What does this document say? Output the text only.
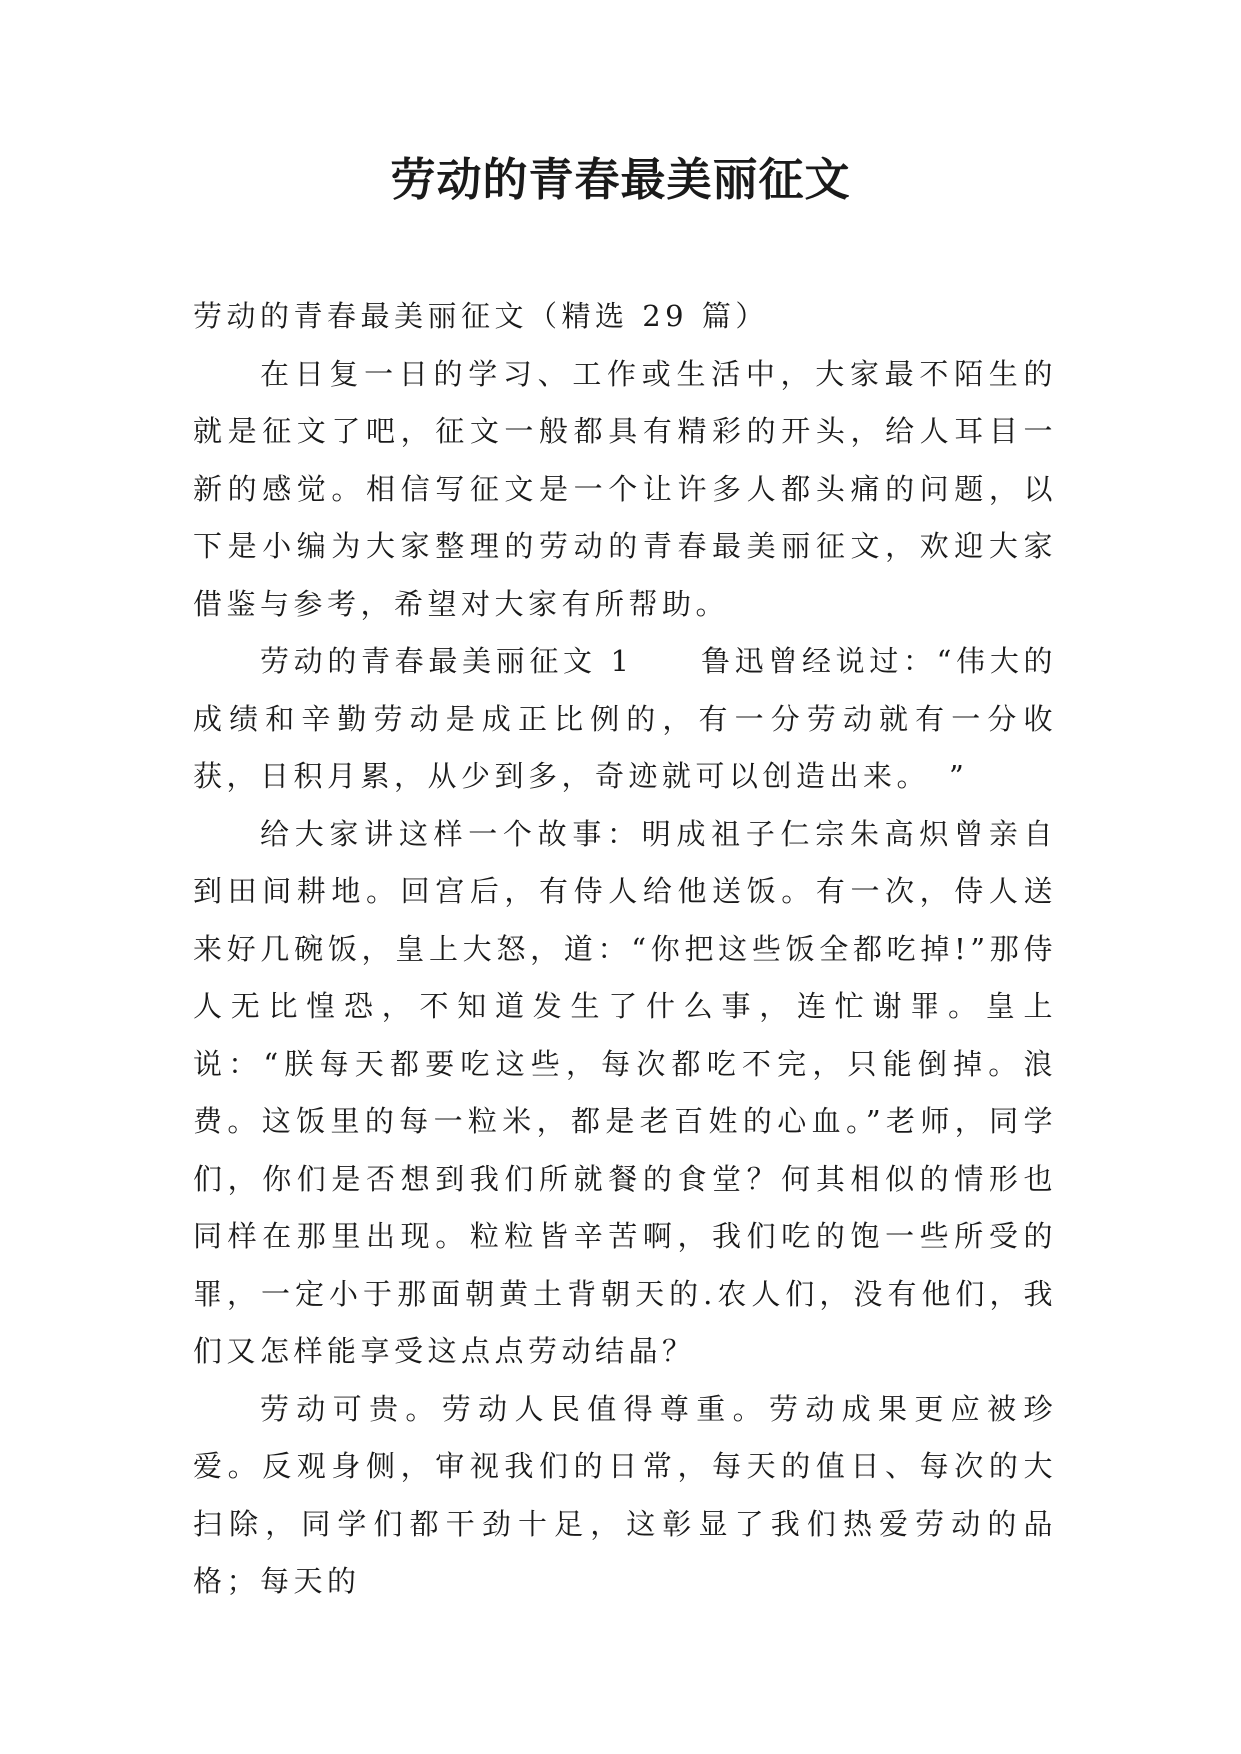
劳动的青春最美丽征文

劳动的青春最美丽征文（精选 29 篇）

在日复一日的学习、工作或生活中，大家最不陌生的就是征文了吧，征文一般都具有精彩的开头，给人耳目一新的感觉。相信写征文是一个让许多人都头痛的问题，以下是小编为大家整理的劳动的青春最美丽征文，欢迎大家借鉴与参考，希望对大家有所帮助。

劳动的青春最美丽征文 1　　鲁迅曾经说过：“伟大的成绩和辛勤劳动是成正比例的，有一分劳动就有一分收获，日积月累，从少到多，奇迹就可以创造出来。　”

给大家讲这样一个故事：明成祖子仁宗朱高炽曾亲自到田间耕地。回宫后，有侍人给他送饭。有一次，侍人送来好几碗饭，皇上大怒，道：“你把这些饭全都吃掉!”那侍人无比惶恐，不知道发生了什么事，连忙谢罪。皇上说：“朕每天都要吃这些，每次都吃不完，只能倒掉。浪费。这饭里的每一粒米，都是老百姓的心血。”老师，同学们，你们是否想到我们所就餐的食堂？何其相似的情形也同样在那里出现。粒粒皆辛苦啊，我们吃的饱一些所受的罪，一定小于那面朝黄土背朝天的.农人们，没有他们，我们又怎样能享受这点点劳动结晶？

劳动可贵。劳动人民值得尊重。劳动成果更应被珍爱。反观身侧，审视我们的日常，每天的值日、每次的大扫除，同学们都干劲十足，这彰显了我们热爱劳动的品格；每天的
